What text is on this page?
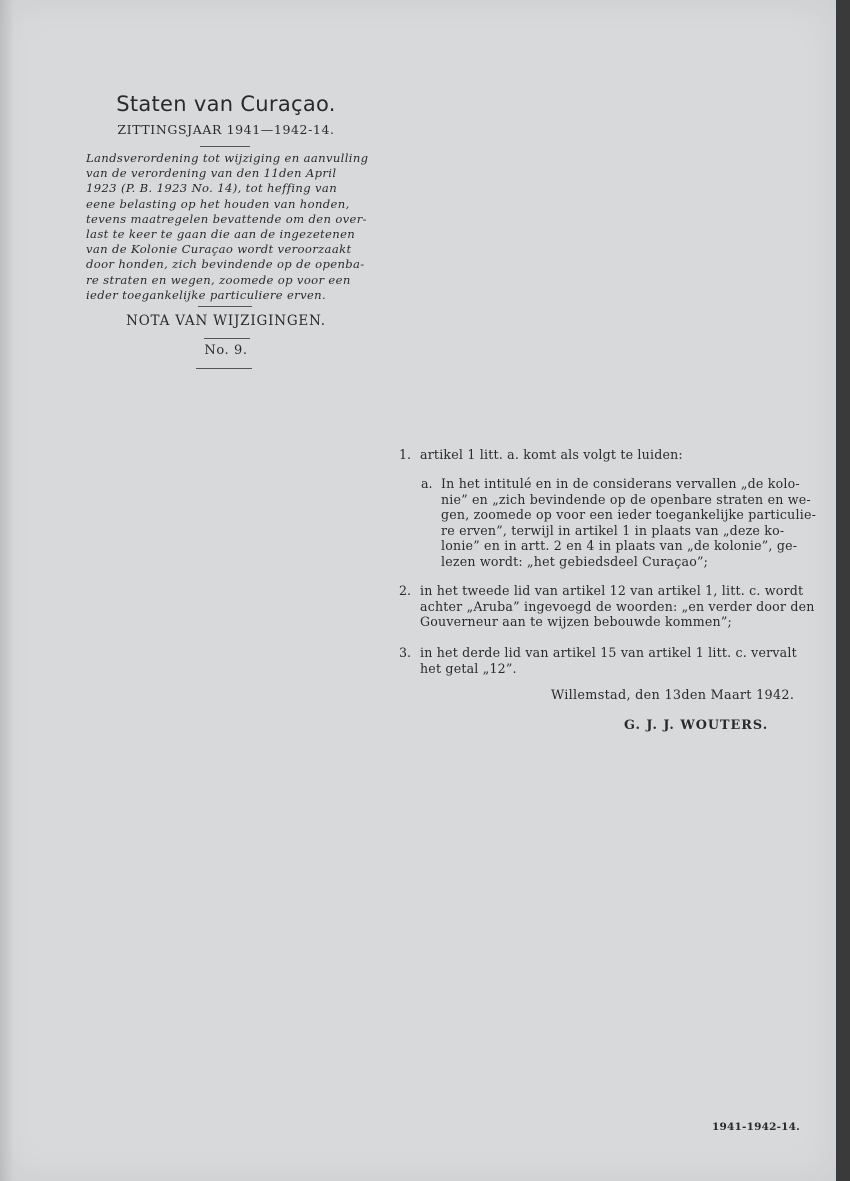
Staten van Curaçao.
ZITTINGSJAAR 1941—1942-14.
Landsverordening tot wijziging en aanvulling
van de verordening van den 11den April
1923 (P. B. 1923 No. 14), tot heffing van
eene belasting op het houden van honden,
tevens maatregelen bevattende om den over-
last te keer te gaan die aan de ingezetenen
van de Kolonie Curaçao wordt veroorzaakt
door honden, zich bevindende op de openba-
re straten en wegen, zoomede op voor een
ieder toegankelijke particuliere erven.
NOTA VAN WIJZIGINGEN.
No. 9.
1. artikel 1 litt. a. komt als volgt te luiden:
a. In het intitulé en in de considerans vervallen „de kolo-
nie” en „zich bevindende op de openbare straten en we-
gen, zoomede op voor een ieder toegankelijke particulie-
re erven”, terwijl in artikel 1 in plaats van „deze ko-
lonie” en in artt. 2 en 4 in plaats van „de kolonie”, ge-
lezen wordt: „het gebiedsdeel Curaçao”;
2. in het tweede lid van artikel 12 van artikel 1, litt. c. wordt
achter „Aruba” ingevoegd de woorden: „en verder door den
Gouverneur aan te wijzen bebouwde kommen”;
3. in het derde lid van artikel 15 van artikel 1 litt. c. vervalt
het getal „12”.
Willemstad, den 13den Maart 1942.
G. J. J. WOUTERS.
1941-1942-14.
